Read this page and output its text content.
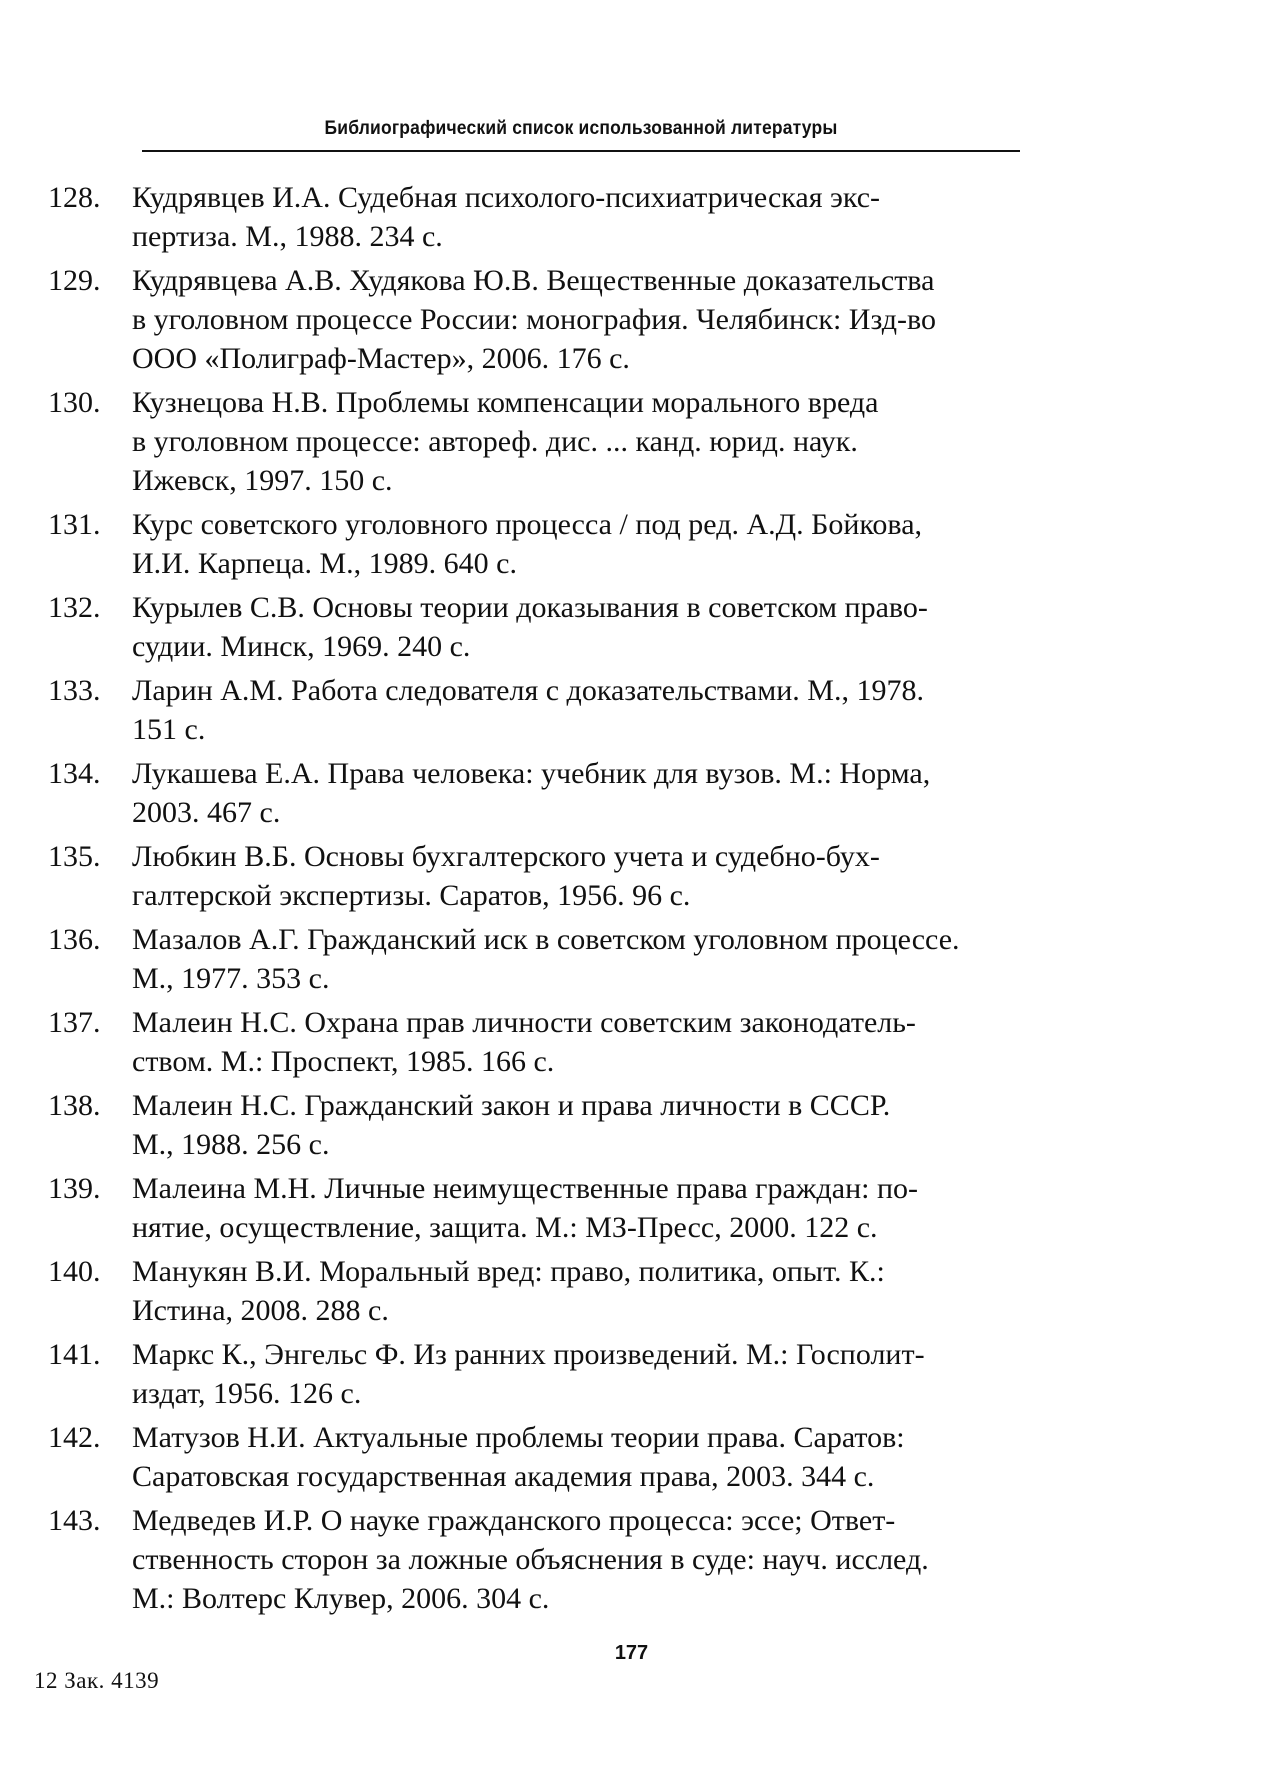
Библиографический список использованной литературы
128.	Кудрявцев И.А. Судебная психолого-психиатрическая экс-
пертиза. М., 1988. 234 с.
129.	Кудрявцева А.В. Худякова Ю.В. Вещественные доказательства
в уголовном процессе России: монография. Челябинск: Изд-во
ООО «Полиграф-Мастер», 2006. 176 с.
130.	Кузнецова Н.В. Проблемы компенсации морального вреда
в уголовном процессе: автореф. дис. ... канд. юрид. наук.
Ижевск, 1997. 150 с.
131.	Курс советского уголовного процесса / под ред. А.Д. Бойкова,
И.И. Карпеца. М., 1989. 640 с.
132.	Курылев С.В. Основы теории доказывания в советском право-
судии. Минск, 1969. 240 с.
133.	Ларин А.М. Работа следователя с доказательствами. М., 1978.
151 с.
134.	Лукашева Е.А. Права человека: учебник для вузов. М.: Норма,
2003. 467 с.
135.	Любкин В.Б. Основы бухгалтерского учета и судебно-бух-
галтерской экспертизы. Саратов, 1956. 96 с.
136.	Мазалов А.Г. Гражданский иск в советском уголовном процессе.
М., 1977. 353 с.
137.	Малеин Н.С. Охрана прав личности советским законодатель-
ством. М.: Проспект, 1985. 166 с.
138.	Малеин Н.С. Гражданский закон и права личности в СССР.
М., 1988. 256 с.
139.	Малеина М.Н. Личные неимущественные права граждан: по-
нятие, осуществление, защита. М.: МЗ-Пресс, 2000. 122 с.
140.	Манукян В.И. Моральный вред: право, политика, опыт. К.:
Истина, 2008. 288 с.
141.	Маркс К., Энгельс Ф. Из ранних произведений. М.: Госполит-
издат, 1956. 126 с.
142.	Матузов Н.И. Актуальные проблемы теории права. Саратов:
Саратовская государственная академия права, 2003. 344 с.
143.	Медведев И.Р. О науке гражданского процесса: эссе; Ответ-
ственность сторон за ложные объяснения в суде: науч. исслед.
М.: Волтерс Клувер, 2006. 304 с.
177
12 Зак. 4139
